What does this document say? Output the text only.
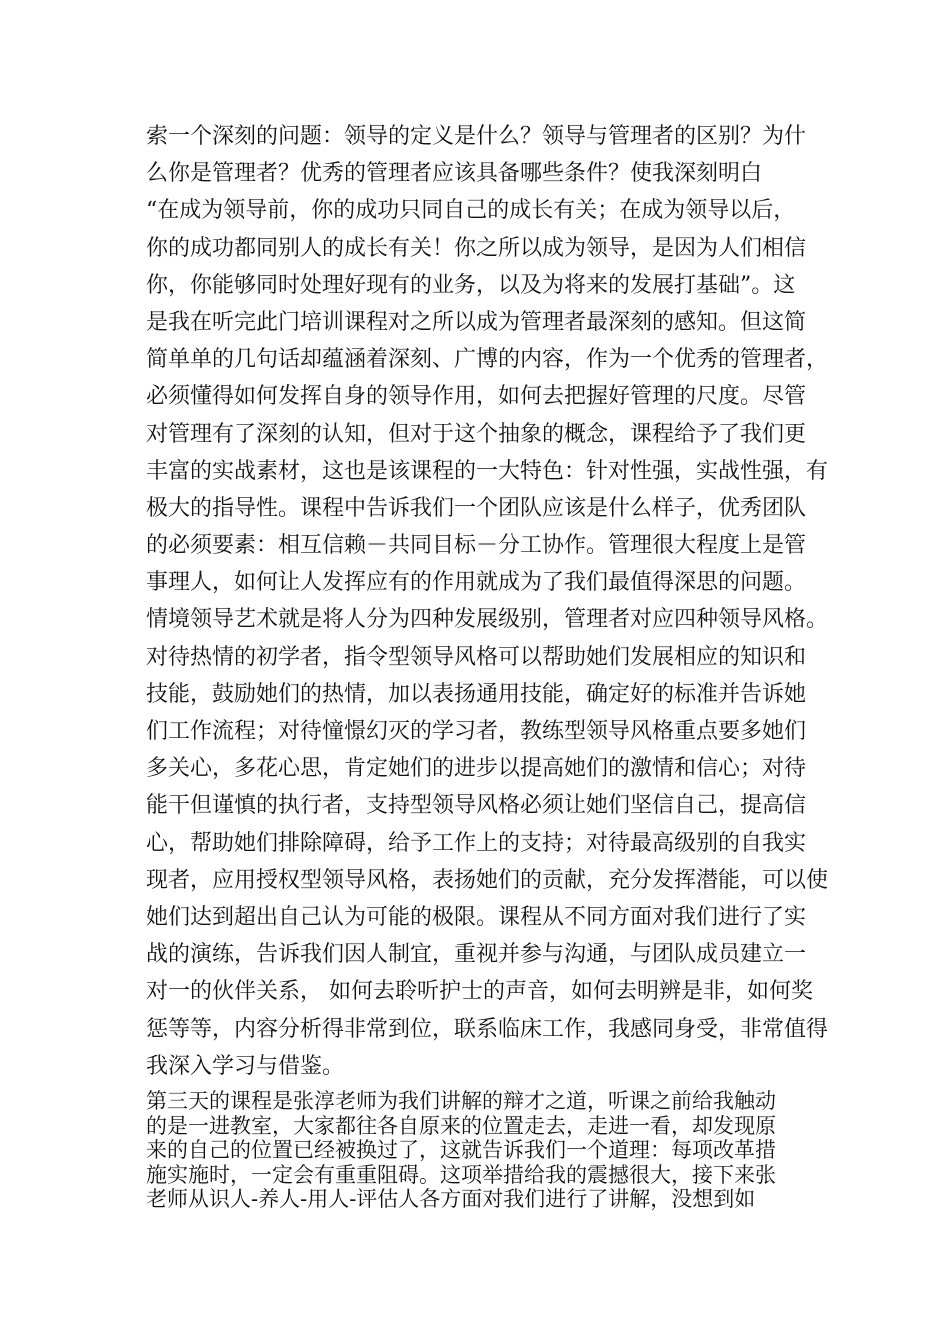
索一个深刻的问题：领导的定义是什么？领导与管理者的区别？为什
么你是管理者？优秀的管理者应该具备哪些条件？使我深刻明白
“在成为领导前，你的成功只同自己的成长有关；在成为领导以后，
你的成功都同别人的成长有关！你之所以成为领导，是因为人们相信
你，你能够同时处理好现有的业务，以及为将来的发展打基础”。这
是我在听完此门培训课程对之所以成为管理者最深刻的感知。但这简
简单单的几句话却蕴涵着深刻、广博的内容，作为一个优秀的管理者，
必须懂得如何发挥自身的领导作用，如何去把握好管理的尺度。尽管
对管理有了深刻的认知，但对于这个抽象的概念，课程给予了我们更
丰富的实战素材，这也是该课程的一大特色：针对性强，实战性强，有
极大的指导性。课程中告诉我们一个团队应该是什么样子，优秀团队
的必须要素：相互信赖－共同目标－分工协作。管理很大程度上是管
事理人，如何让人发挥应有的作用就成为了我们最值得深思的问题。
情境领导艺术就是将人分为四种发展级别，管理者对应四种领导风格。
对待热情的初学者，指令型领导风格可以帮助她们发展相应的知识和
技能，鼓励她们的热情，加以表扬通用技能，确定好的标准并告诉她
们工作流程；对待憧憬幻灭的学习者，教练型领导风格重点要多她们
多关心，多花心思，肯定她们的进步以提高她们的激情和信心；对待
能干但谨慎的执行者，支持型领导风格必须让她们坚信自己，提高信
心，帮助她们排除障碍，给予工作上的支持；对待最高级别的自我实
现者，应用授权型领导风格，表扬她们的贡献，充分发挥潜能，可以使
她们达到超出自己认为可能的极限。课程从不同方面对我们进行了实
战的演练，告诉我们因人制宜，重视并参与沟通，与团队成员建立一
对一的伙伴关系， 如何去聆听护士的声音，如何去明辨是非，如何奖
惩等等，内容分析得非常到位，联系临床工作，我感同身受，非常值得
我深入学习与借鉴。
第三天的课程是张淳老师为我们讲解的辩才之道，听课之前给我触动
的是一进教室，大家都往各自原来的位置走去，走进一看，却发现原
来的自己的位置已经被换过了，这就告诉我们一个道理：每项改革措
施实施时，一定会有重重阻碍。这项举措给我的震撼很大，接下来张
老师从识人-养人-用人-评估人各方面对我们进行了讲解，没想到如
